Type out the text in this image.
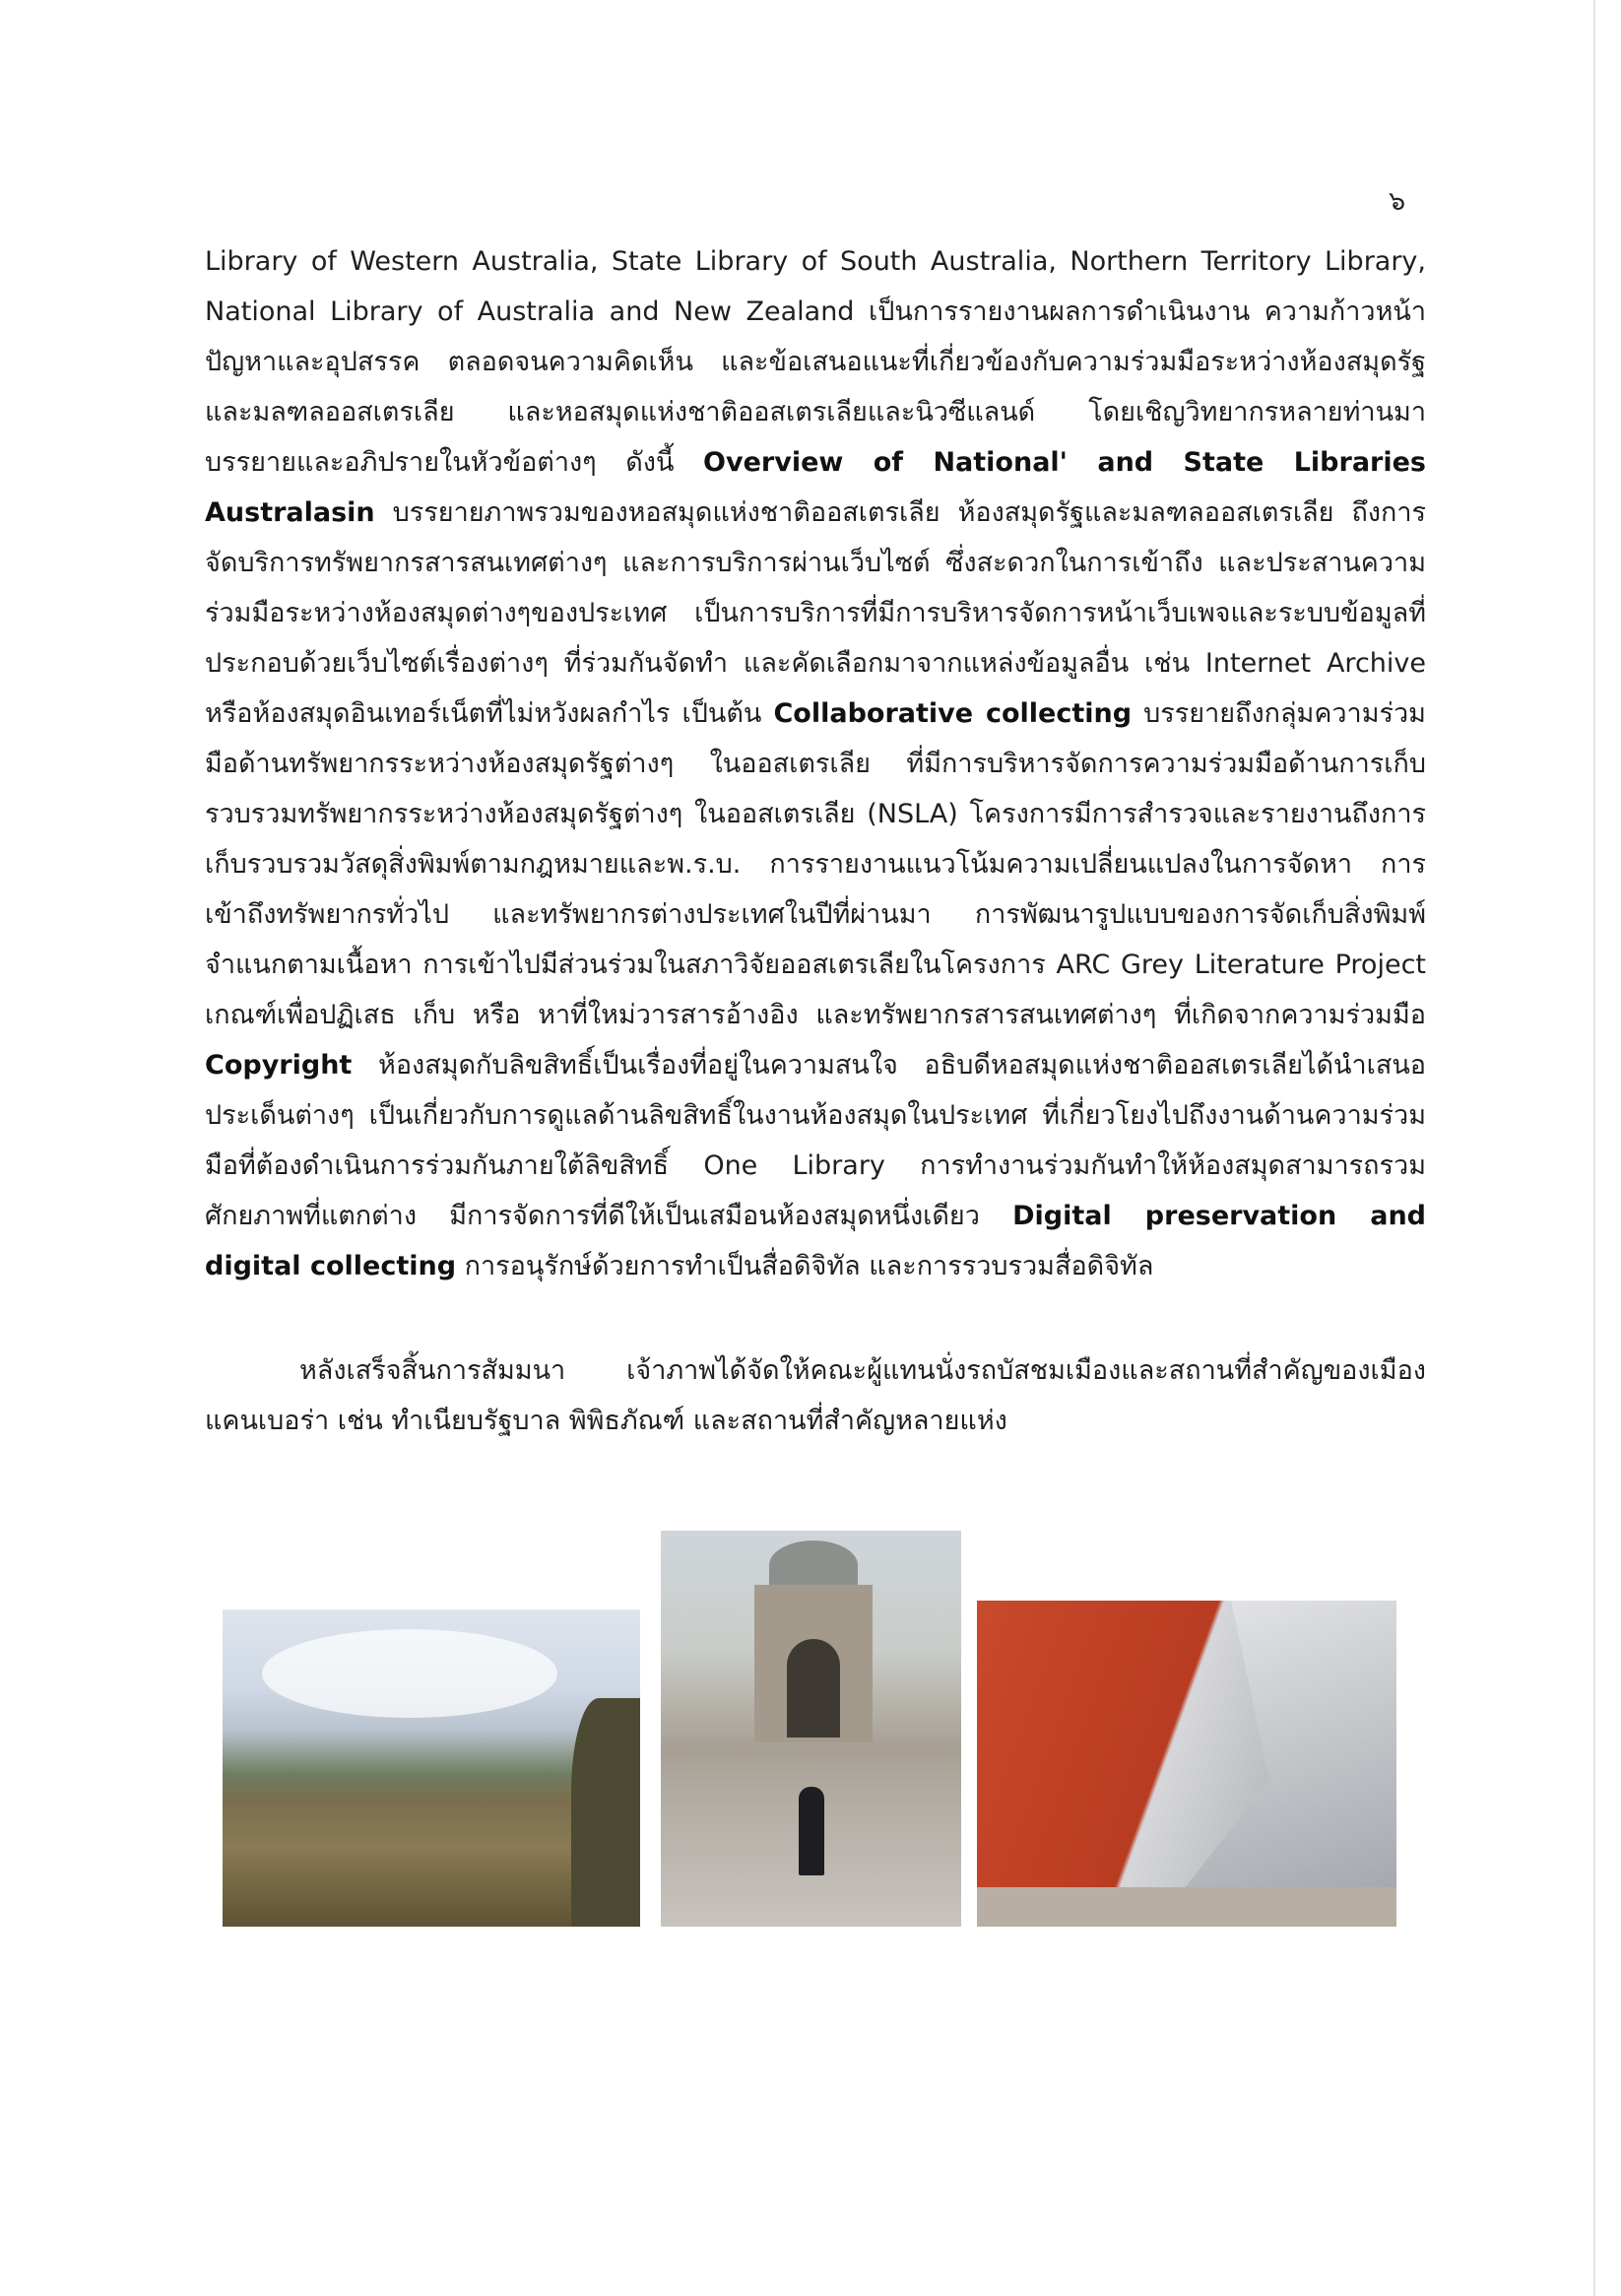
๖

Library of Western Australia, State Library of South Australia, Northern Territory Library, National Library of Australia and New Zealand เป็นการรายงานผลการดำเนินงาน ความก้าวหน้า ปัญหาและอุปสรรค ตลอดจนความคิดเห็น และข้อเสนอแนะที่เกี่ยวข้องกับความร่วมมือระหว่างห้องสมุดรัฐและมลฑลออสเตรเลีย และหอสมุดแห่งชาติออสเตรเลียและนิวซีแลนด์ โดยเชิญวิทยากรหลายท่านมาบรรยายและอภิปรายในหัวข้อต่างๆ ดังนี้ Overview of National' and State Libraries Australasin บรรยายภาพรวมของหอสมุดแห่งชาติออสเตรเลีย ห้องสมุดรัฐและมลฑลออสเตรเลีย ถึงการจัดบริการทรัพยากรสารสนเทศต่างๆ และการบริการผ่านเว็บไซต์ ซึ่งสะดวกในการเข้าถึง และประสานความร่วมมือระหว่างห้องสมุดต่างๆของประเทศ เป็นการบริการที่มีการบริหารจัดการหน้าเว็บเพจและระบบข้อมูลที่ประกอบด้วยเว็บไซต์เรื่องต่างๆ ที่ร่วมกันจัดทำ และคัดเลือกมาจากแหล่งข้อมูลอื่น เช่น Internet Archive หรือห้องสมุดอินเทอร์เน็ตที่ไม่หวังผลกำไร เป็นต้น Collaborative collecting บรรยายถึงกลุ่มความร่วมมือด้านทรัพยากรระหว่างห้องสมุดรัฐต่างๆ ในออสเตรเลีย ที่มีการบริหารจัดการความร่วมมือด้านการเก็บรวบรวมทรัพยากรระหว่างห้องสมุดรัฐต่างๆ ในออสเตรเลีย (NSLA) โครงการมีการสำรวจและรายงานถึงการเก็บรวบรวมวัสดุสิ่งพิมพ์ตามกฎหมายและพ.ร.บ. การรายงานแนวโน้มความเปลี่ยนแปลงในการจัดหา การเข้าถึงทรัพยากรทั่วไป และทรัพยากรต่างประเทศในปีที่ผ่านมา การพัฒนารูปแบบของการจัดเก็บสิ่งพิมพ์จำแนกตามเนื้อหา การเข้าไปมีส่วนร่วมในสภาวิจัยออสเตรเลียในโครงการ ARC Grey Literature Project เกณฑ์เพื่อปฏิเสธ เก็บ หรือ หาที่ใหม่วารสารอ้างอิง และทรัพยากรสารสนเทศต่างๆ ที่เกิดจากความร่วมมือ Copyright ห้องสมุดกับลิขสิทธิ์เป็นเรื่องที่อยู่ในความสนใจ อธิบดีหอสมุดแห่งชาติออสเตรเลียได้นำเสนอประเด็นต่างๆ เป็นเกี่ยวกับการดูแลด้านลิขสิทธิ์ในงานห้องสมุดในประเทศ ที่เกี่ยวโยงไปถึงงานด้านความร่วมมือที่ต้องดำเนินการร่วมกันภายใต้ลิขสิทธิ์ One Library การทำงานร่วมกันทำให้ห้องสมุดสามารถรวมศักยภาพที่แตกต่าง มีการจัดการที่ดีให้เป็นเสมือนห้องสมุดหนึ่งเดียว Digital preservation and digital collecting การอนุรักษ์ด้วยการทำเป็นสื่อดิจิทัล และการรวบรวมสื่อดิจิทัล

หลังเสร็จสิ้นการสัมมนา เจ้าภาพได้จัดให้คณะผู้แทนนั่งรถบัสชมเมืองและสถานที่สำคัญของเมืองแคนเบอร่า เช่น ทำเนียบรัฐบาล พิพิธภัณฑ์ และสถานที่สำคัญหลายแห่ง
